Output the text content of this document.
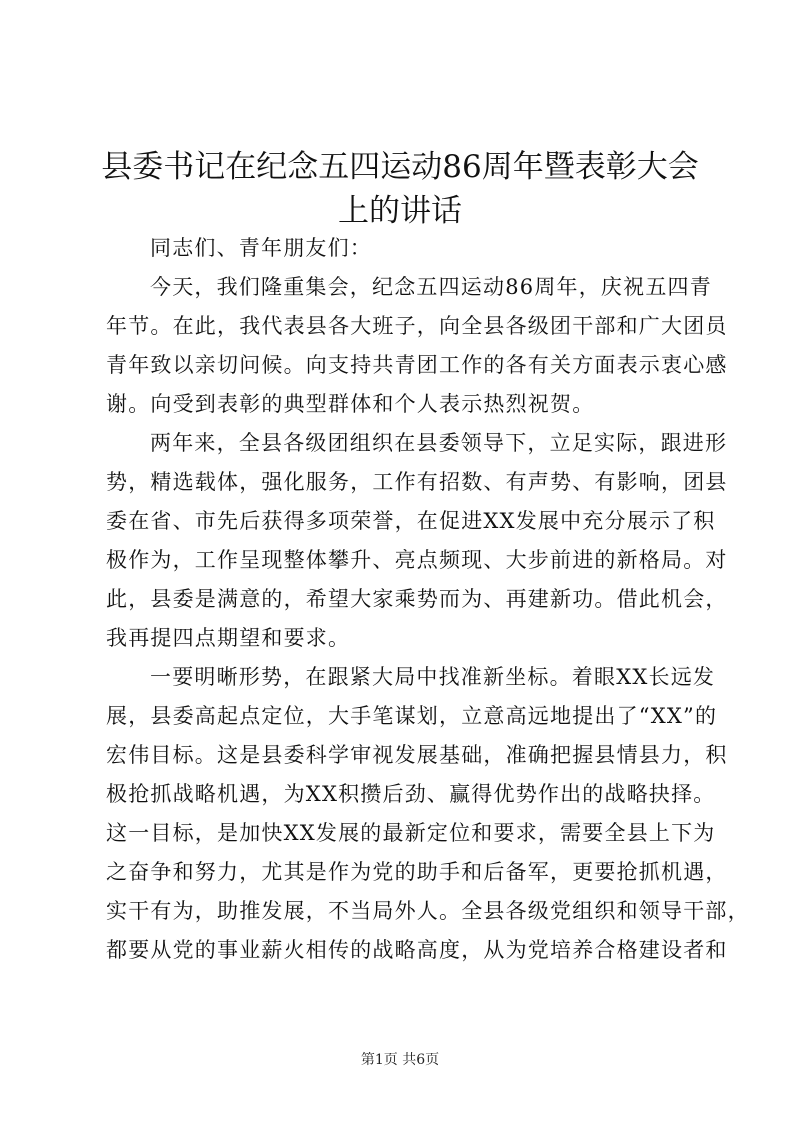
县委书记在纪念五四运动86周年暨表彰大会
上的讲话
同志们、青年朋友们：
今天，我们隆重集会，纪念五四运动86周年，庆祝五四青
年节。在此，我代表县各大班子，向全县各级团干部和广大团员
青年致以亲切问候。向支持共青团工作的各有关方面表示衷心感
谢。向受到表彰的典型群体和个人表示热烈祝贺。
两年来，全县各级团组织在县委领导下，立足实际，跟进形
势，精选载体，强化服务，工作有招数、有声势、有影响，团县
委在省、市先后获得多项荣誉，在促进XX发展中充分展示了积
极作为，工作呈现整体攀升、亮点频现、大步前进的新格局。对
此，县委是满意的，希望大家乘势而为、再建新功。借此机会，
我再提四点期望和要求。
一要明晰形势，在跟紧大局中找准新坐标。着眼XX长远发
展，县委高起点定位，大手笔谋划，立意高远地提出了“XX”的
宏伟目标。这是县委科学审视发展基础，准确把握县情县力，积
极抢抓战略机遇，为XX积攒后劲、赢得优势作出的战略抉择。
这一目标，是加快XX发展的最新定位和要求，需要全县上下为
之奋争和努力，尤其是作为党的助手和后备军，更要抢抓机遇，
实干有为，助推发展，不当局外人。全县各级党组织和领导干部，
都要从党的事业薪火相传的战略高度，从为党培养合格建设者和
第1页 共6页
